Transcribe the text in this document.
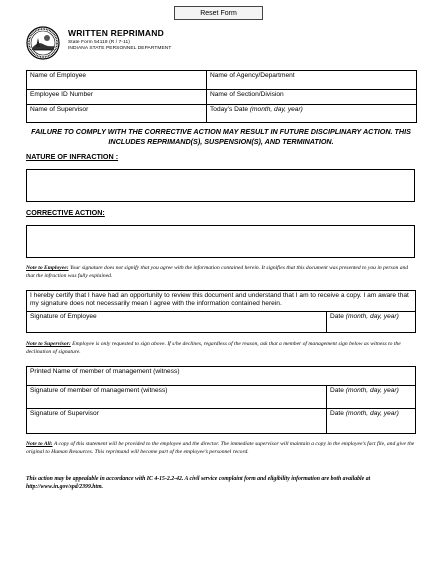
Reset Form
WRITTEN REPRIMAND
State Form 54119 (R / 7-11)
INDIANA STATE PERSONNEL DEPARTMENT
Name of Employee	Name of Agency/Department
Employee ID Number	Name of Section/Division
Name of Supervisor	Today’s Date (month, day, year)
FAILURE TO COMPLY WITH THE CORRECTIVE ACTION MAY RESULT IN FUTURE DISCIPLINARY ACTION. THIS INCLUDES REPRIMAND(S), SUSPENSION(S), AND TERMINATION.
NATURE OF INFRACTION :
CORRECTIVE ACTION:
Note to Employee: Your signature does not signify that you agree with the information contained herein. It signifies that this document was presented to you in person and that the infraction was fully explained.
I hereby certify that I have had an opportunity to review this document and understand that I am to receive a copy. I am aware that my signature does not necessarily mean I agree with the information contained herein.
Signature of Employee	Date (month, day, year)
Note to Supervisor: Employee is only requested to sign above. If s/he declines, regardless of the reason, ask that a member of management sign below as witness to the declination of signature.
Printed Name of member of management (witness)	
Signature of member of management (witness)	Date (month, day, year)
Signature of Supervisor	Date (month, day, year)
Note to All: A copy of this statement will be provided to the employee and the director. The immediate supervisor will maintain a copy in the employee’s fact file, and give the original to Human Resources. This reprimand will become part of the employee’s personnel record.
This action may be appealable in accordance with IC 4-15-2.2-42. A civil service complaint form and eligibility information are both available at http://www.in.gov/spd/2399.htm.
